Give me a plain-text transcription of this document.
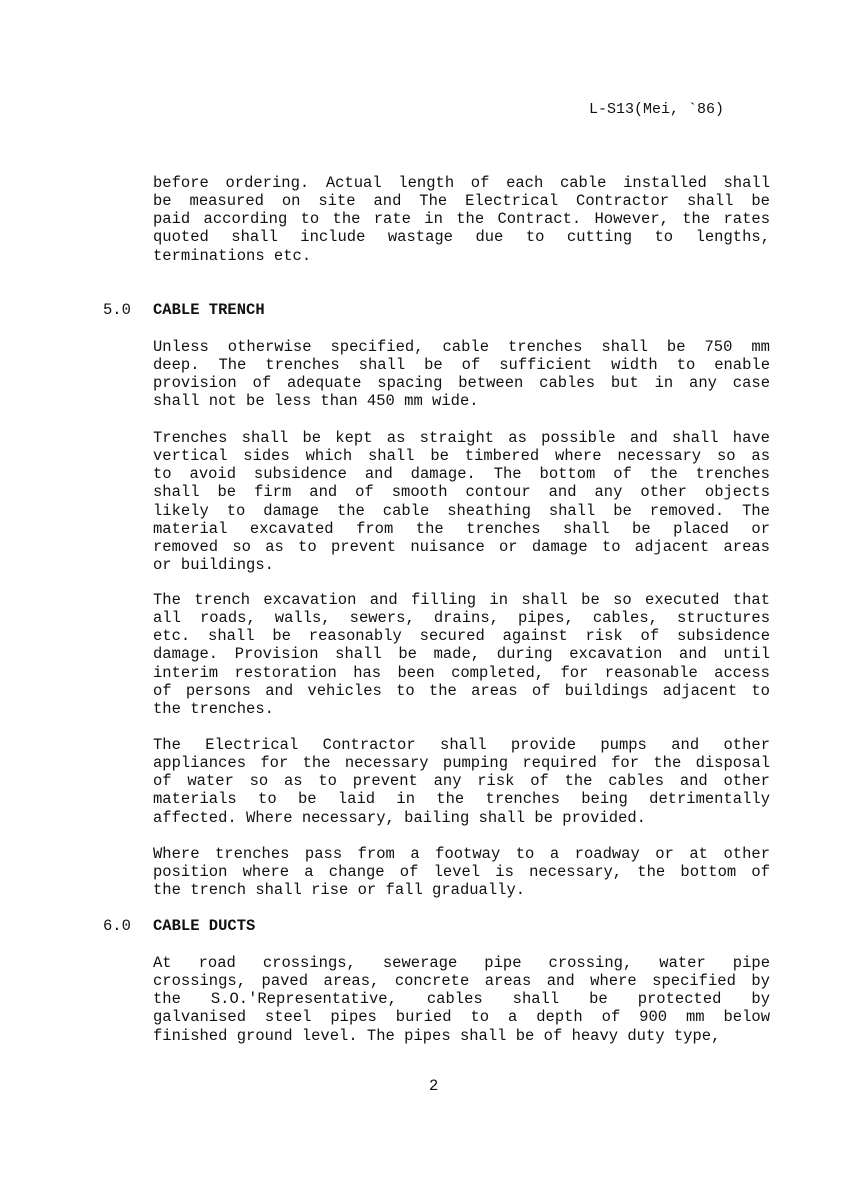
L-S13(Mei, `86)

before ordering. Actual length of each cable installed shall
be measured on site and The Electrical Contractor shall be
paid according to the rate in the Contract. However, the rates
quoted shall include wastage due to cutting to lengths,
terminations etc.

5.0 CABLE TRENCH

Unless otherwise specified, cable trenches shall be 750 mm
deep. The trenches shall be of sufficient width to enable
provision of adequate spacing between cables but in any case
shall not be less than 450 mm wide.
Trenches shall be kept as straight as possible and shall have
vertical sides which shall be timbered where necessary so as
to avoid subsidence and damage. The bottom of the trenches
shall be firm and of smooth contour and any other objects
likely to damage the cable sheathing shall be removed. The
material excavated from the trenches shall be placed or
removed so as to prevent nuisance or damage to adjacent areas
or buildings.
The trench excavation and filling in shall be so executed that
all roads, walls, sewers, drains, pipes, cables, structures
etc. shall be reasonably secured against risk of subsidence
damage. Provision shall be made, during excavation and until
interim restoration has been completed, for reasonable access
of persons and vehicles to the areas of buildings adjacent to
the trenches.
The Electrical Contractor shall provide pumps and other
appliances for the necessary pumping required for the disposal
of water so as to prevent any risk of the cables and other
materials to be laid in the trenches being detrimentally
affected. Where necessary, bailing shall be provided.
Where trenches pass from a footway to a roadway or at other
position where a change of level is necessary, the bottom of
the trench shall rise or fall gradually.

6.0 CABLE DUCTS

At road crossings, sewerage pipe crossing, water pipe
crossings, paved areas, concrete areas and where specified by
the S.O.'Representative, cables shall be protected by
galvanised steel pipes buried to a depth of 900 mm below
finished ground level. The pipes shall be of heavy duty type,

2
